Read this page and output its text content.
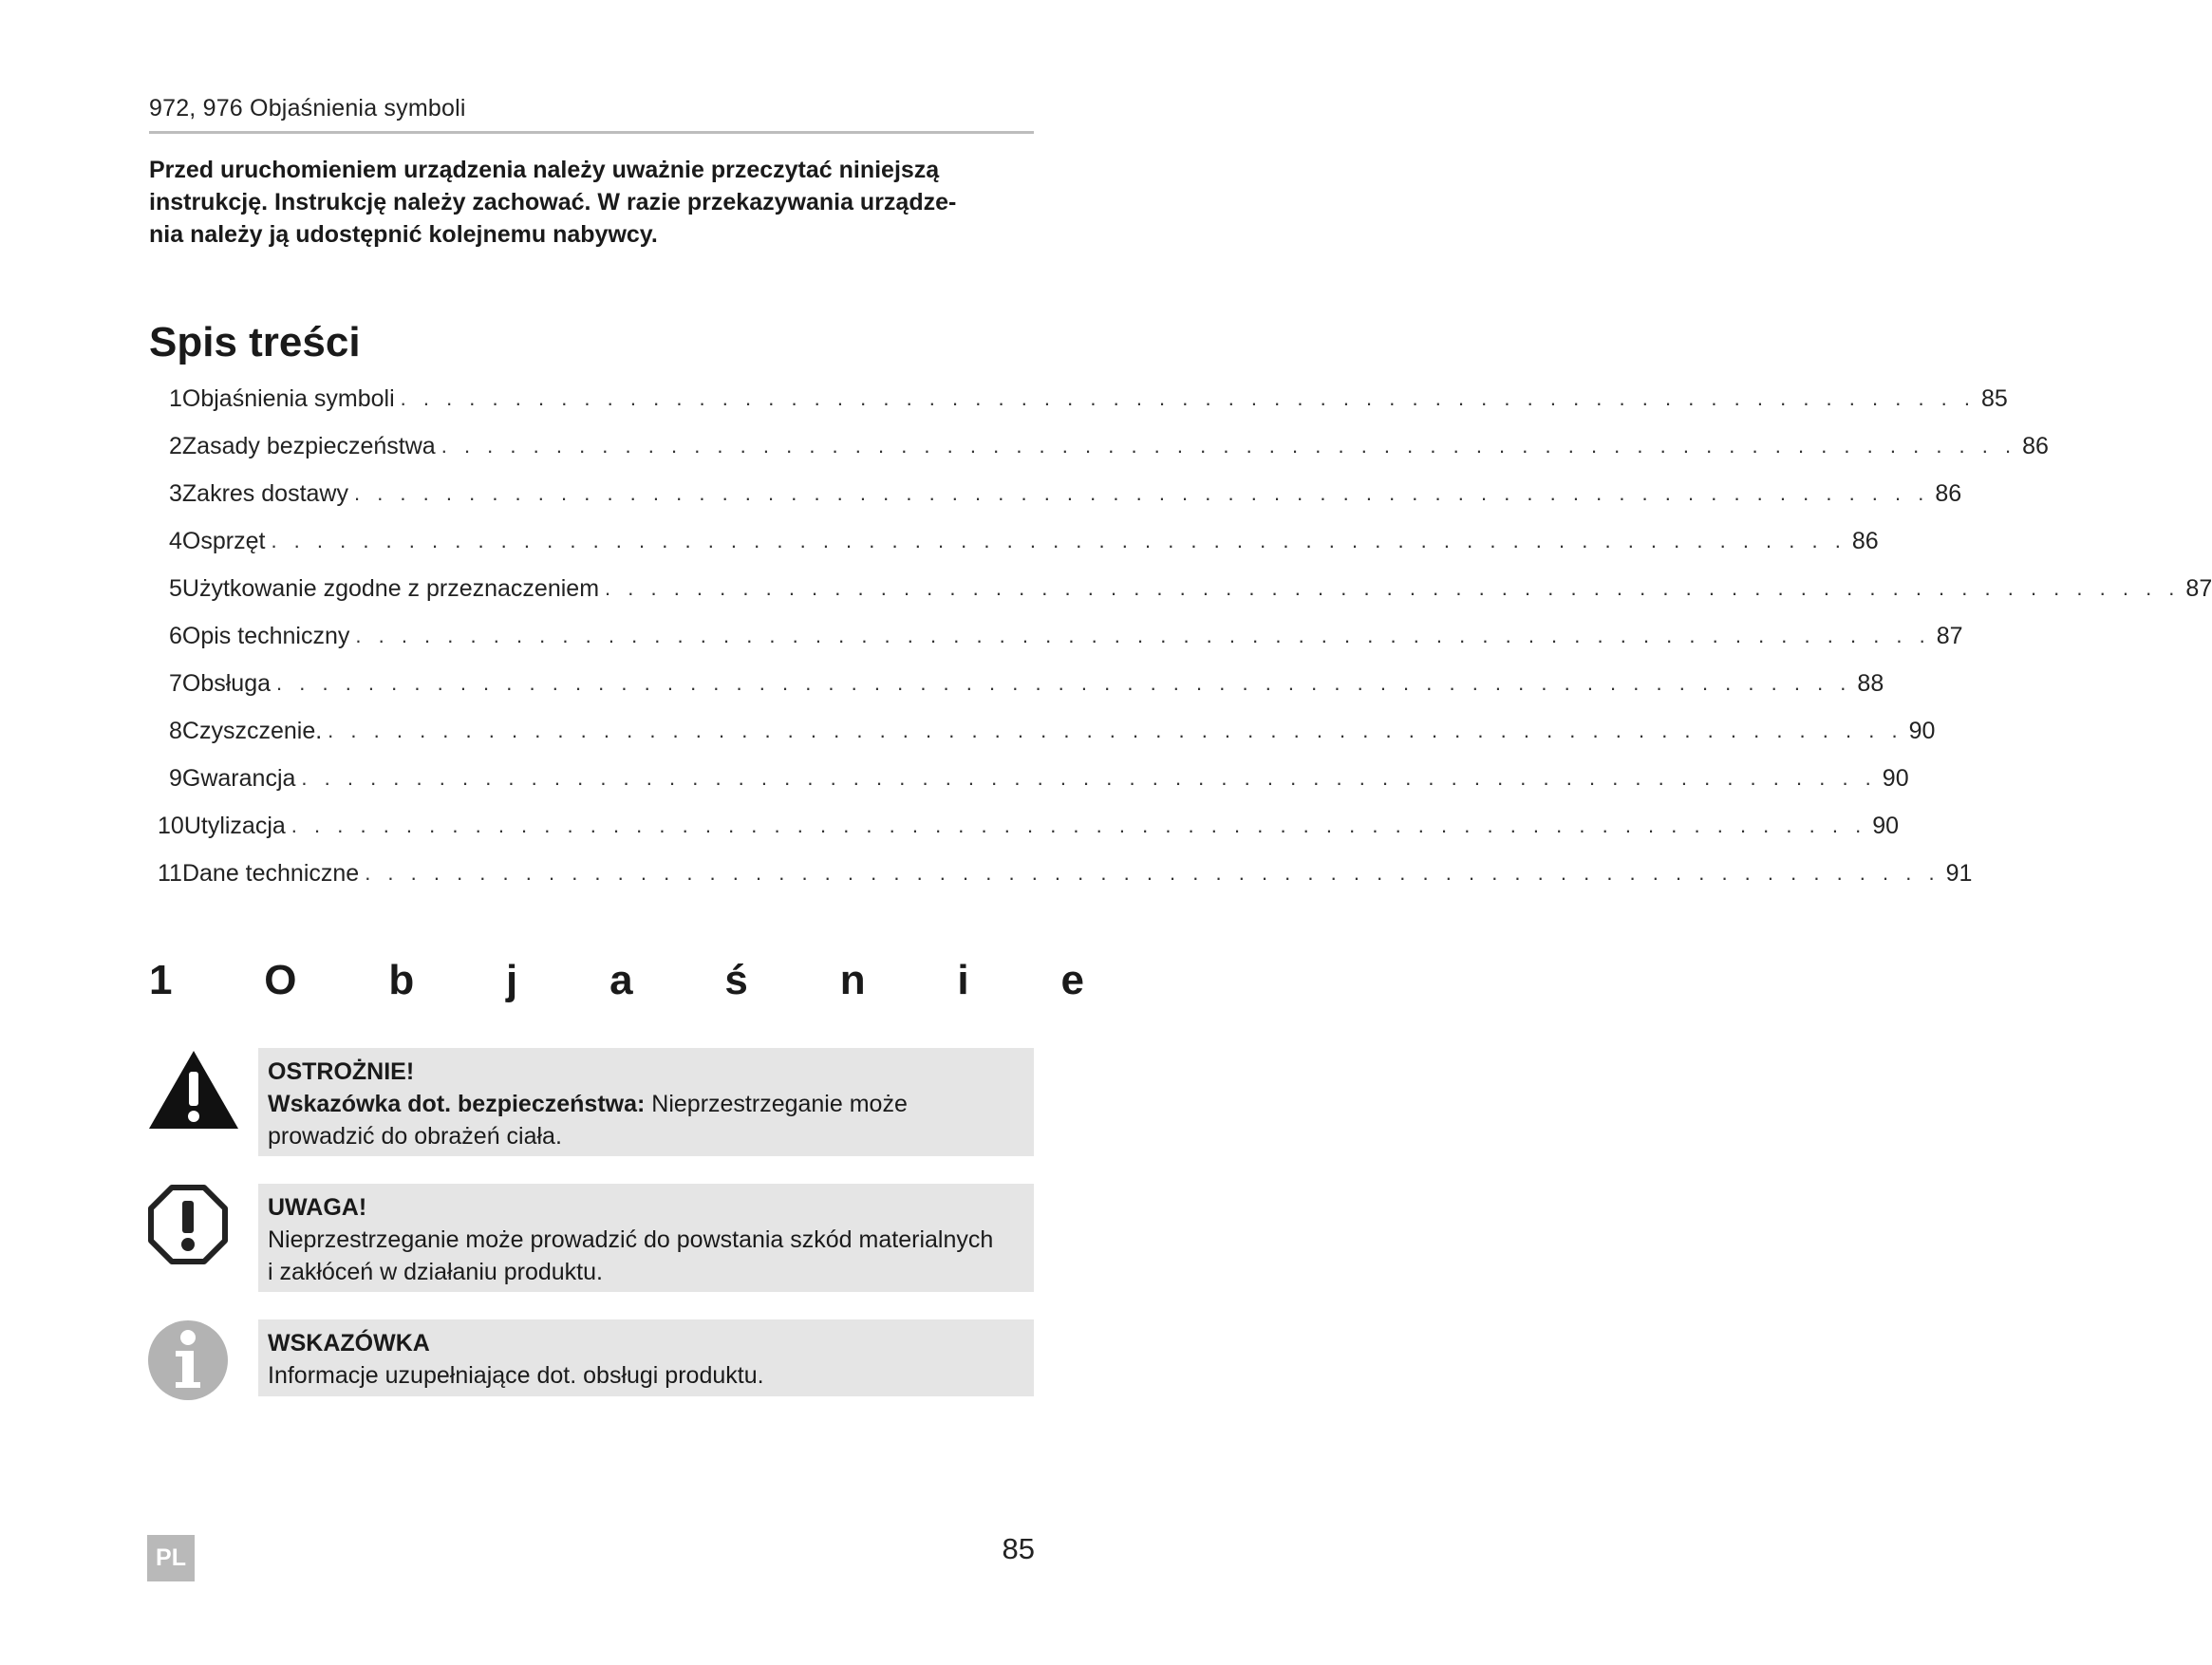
972, 976 Objaśnienia symboli
Przed uruchomieniem urządzenia należy uważnie przeczytać niniejszą
instrukcję. Instrukcję należy zachować. W razie przekazywania urządze-
nia należy ją udostępnić kolejnemu nabywcy.
Spis treści
1 Objaśnienia symboli . . . . . . . . . . . . . . . . . . . . . . . . . . . . . . . . . . . . . . . . . . . . . . . . . . . . . . . . . . . . . . . . . . . . . 85
2 Zasady bezpieczeństwa . . . . . . . . . . . . . . . . . . . . . . . . . . . . . . . . . . . . . . . . . . . . . . . . . . . . . . . . . . . . . . . . . . . . . 86
3 Zakres dostawy . . . . . . . . . . . . . . . . . . . . . . . . . . . . . . . . . . . . . . . . . . . . . . . . . . . . . . . . . . . . . . . . . . . . . 86
4 Osprzęt . . . . . . . . . . . . . . . . . . . . . . . . . . . . . . . . . . . . . . . . . . . . . . . . . . . . . . . . . . . . . . . . . . . . . 86
5 Użytkowanie zgodne z przeznaczeniem . . . . . . . . . . . . . . . . . . . . . . . . . . . . . . . . . . . . . . . . . . . . . . . . . . . . . . . . . . . . . . . . . . . . . 87
6 Opis techniczny . . . . . . . . . . . . . . . . . . . . . . . . . . . . . . . . . . . . . . . . . . . . . . . . . . . . . . . . . . . . . . . . . . . . . 87
7 Obsługa . . . . . . . . . . . . . . . . . . . . . . . . . . . . . . . . . . . . . . . . . . . . . . . . . . . . . . . . . . . . . . . . . . . . . 88
8 Czyszczenie. . . . . . . . . . . . . . . . . . . . . . . . . . . . . . . . . . . . . . . . . . . . . . . . . . . . . . . . . . . . . . . . . . . . . . 90
9 Gwarancja . . . . . . . . . . . . . . . . . . . . . . . . . . . . . . . . . . . . . . . . . . . . . . . . . . . . . . . . . . . . . . . . . . . . . 90
10 Utylizacja . . . . . . . . . . . . . . . . . . . . . . . . . . . . . . . . . . . . . . . . . . . . . . . . . . . . . . . . . . . . . . . . . . . . . 90
11 Dane techniczne . . . . . . . . . . . . . . . . . . . . . . . . . . . . . . . . . . . . . . . . . . . . . . . . . . . . . . . . . . . . . . . . . . . . . 91
1 O b j a ś n i e
OSTROŻNIE!
Wskazówka dot. bezpieczeństwa: Nieprzestrzeganie może
prowadzić do obrażeń ciała.
UWAGA!
Nieprzestrzeganie może prowadzić do powstania szkód materialnych
i zakłóceń w działaniu produktu.
WSKAZÓWKA
Informacje uzupełniające dot. obsługi produktu.
PL	85
